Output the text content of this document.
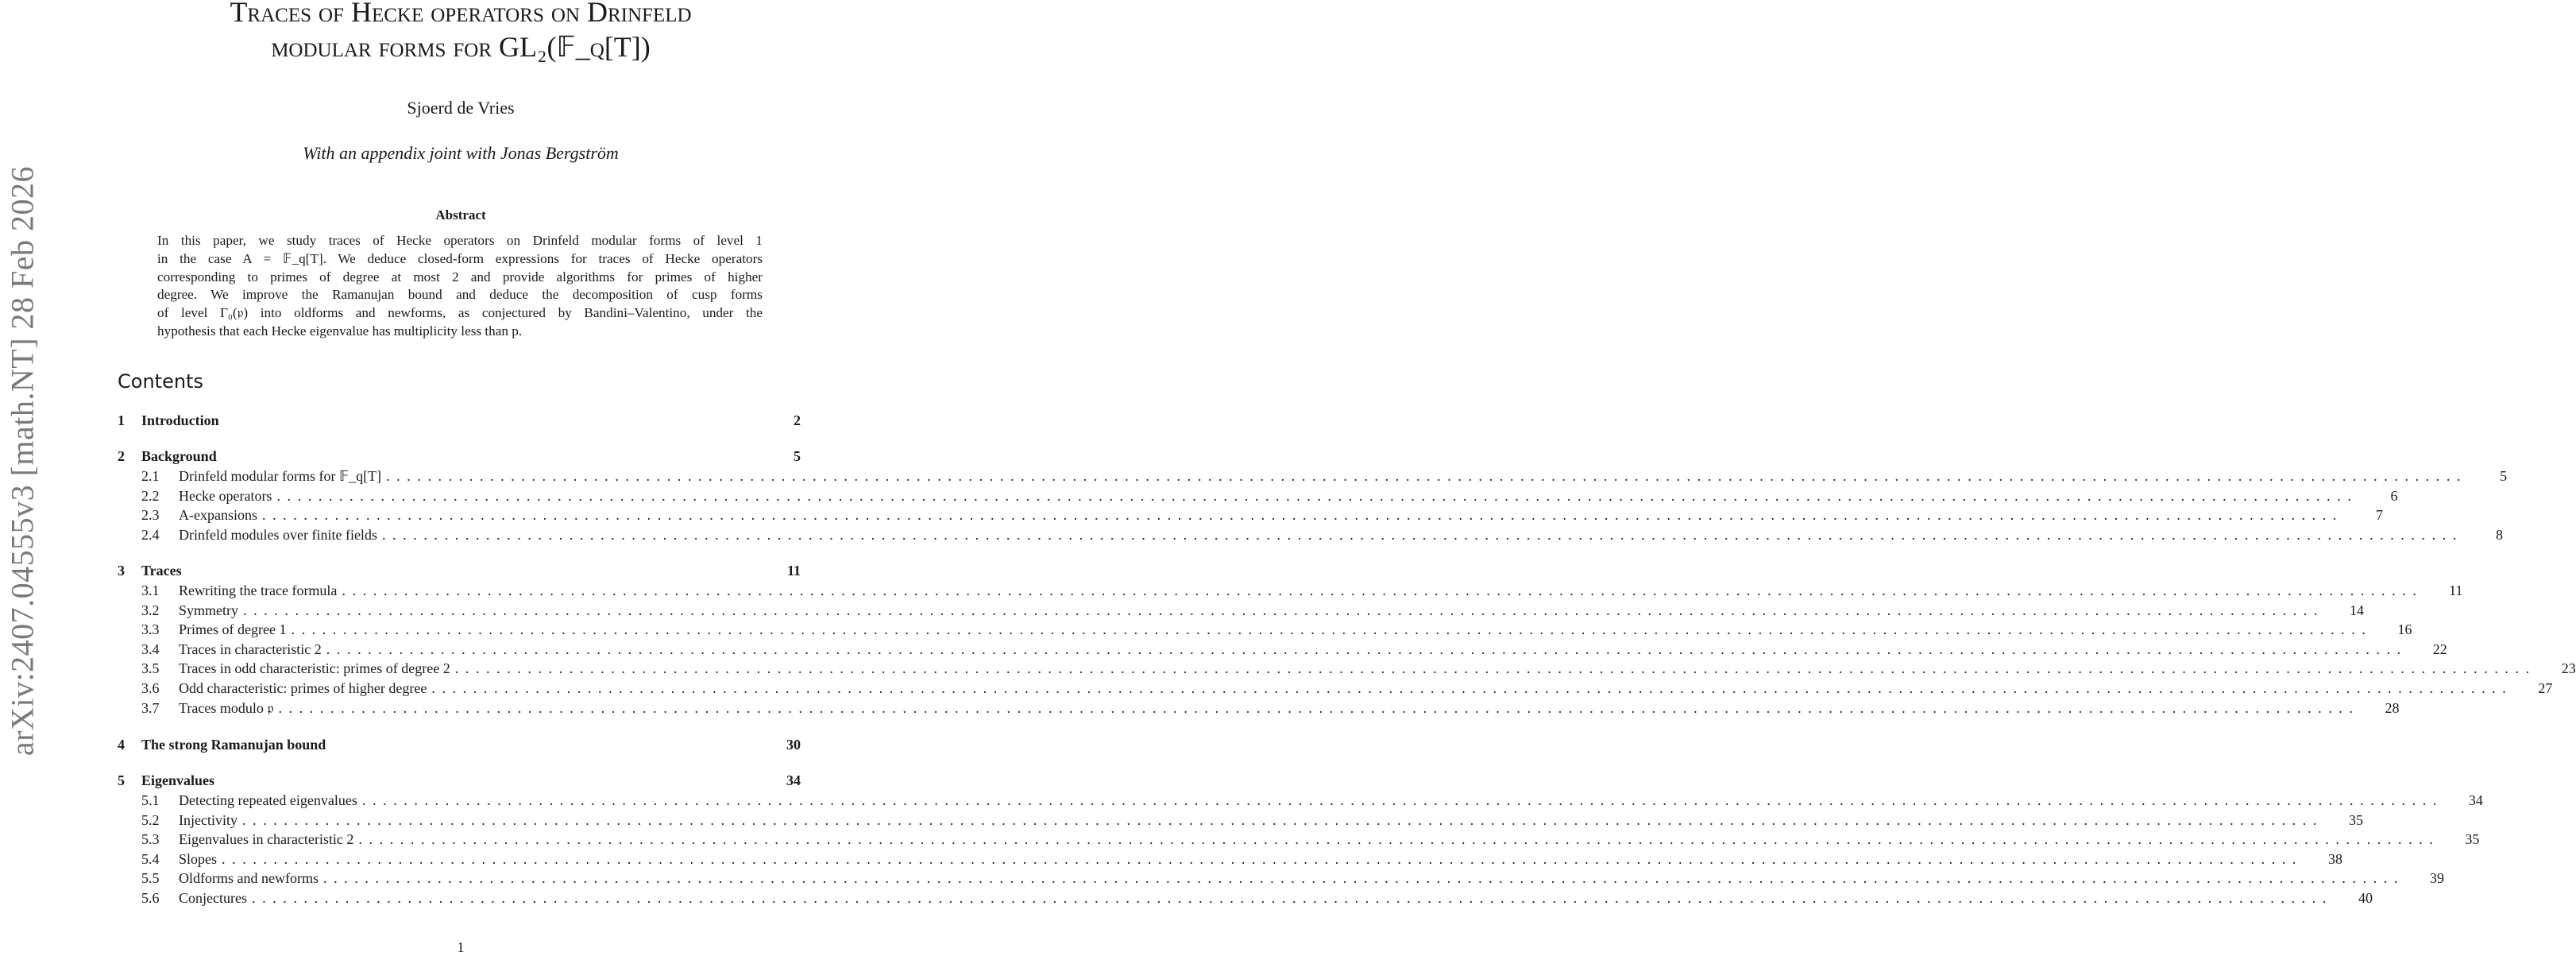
arXiv:2407.04555v3 [math.NT] 28 Feb 2026
Traces of Hecke operators on Drinfeld
modular forms for GL₂(𝔽_q[T])
Sjoerd de Vries
With an appendix joint with Jonas Bergström
Abstract
In this paper, we study traces of Hecke operators on Drinfeld modular forms of level 1
in the case A = 𝔽_q[T]. We deduce closed-form expressions for traces of Hecke operators
corresponding to primes of degree at most 2 and provide algorithms for primes of higher
degree. We improve the Ramanujan bound and deduce the decomposition of cusp forms
of level Γ₀(𝔭) into oldforms and newforms, as conjectured by Bandini–Valentino, under the
hypothesis that each Hecke eigenvalue has multiplicity less than p.
Contents
1 Introduction	2
2 Background	5
2.1	Drinfeld modular forms for 𝔽_q[T] ........................................................................................................................................................................................................	5
2.2	Hecke operators ........................................................................................................................................................................................................	6
2.3	A-expansions ........................................................................................................................................................................................................	7
2.4	Drinfeld modules over finite fields ........................................................................................................................................................................................................	8
3 Traces	11
3.1	Rewriting the trace formula ........................................................................................................................................................................................................	11
3.2	Symmetry ........................................................................................................................................................................................................	14
3.3	Primes of degree 1 ........................................................................................................................................................................................................	16
3.4	Traces in characteristic 2 ........................................................................................................................................................................................................	22
3.5	Traces in odd characteristic: primes of degree 2 ........................................................................................................................................................................................................	23
3.6	Odd characteristic: primes of higher degree ........................................................................................................................................................................................................	27
3.7	Traces modulo 𝔭 ........................................................................................................................................................................................................	28
4 The strong Ramanujan bound	30
5 Eigenvalues	34
5.1	Detecting repeated eigenvalues ........................................................................................................................................................................................................	34
5.2	Injectivity ........................................................................................................................................................................................................	35
5.3	Eigenvalues in characteristic 2 ........................................................................................................................................................................................................	35
5.4	Slopes ........................................................................................................................................................................................................	38
5.5	Oldforms and newforms ........................................................................................................................................................................................................	39
5.6	Conjectures ........................................................................................................................................................................................................	40
1
